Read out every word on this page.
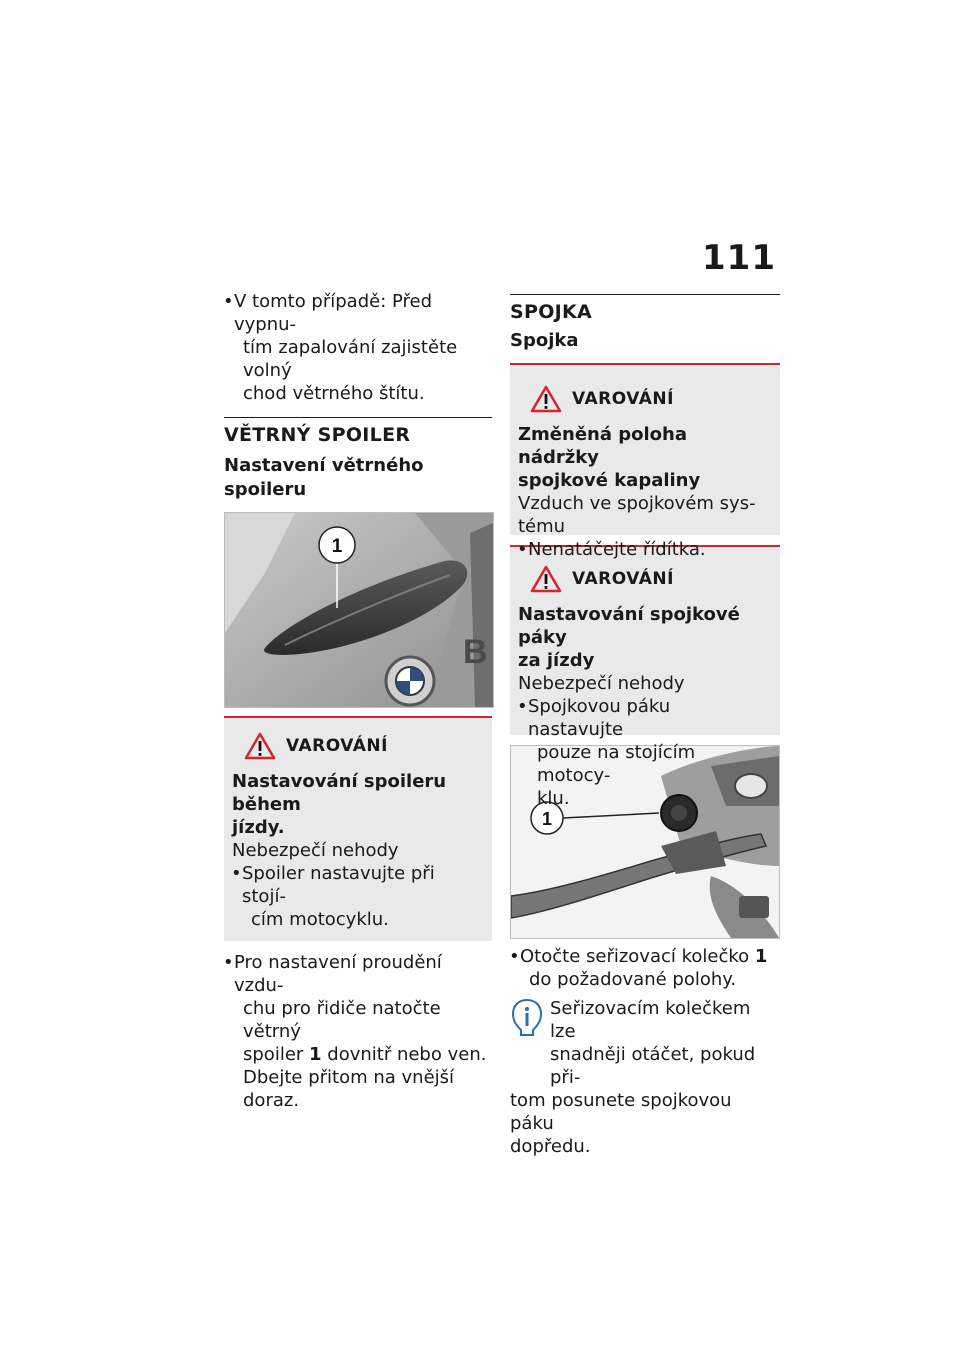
111
• V tomto případě: Před vypnu-
tím zapalování zajistěte volný
chod větrného štítu.
VĚTRNÝ SPOILER
Nastavení větrného spoileru
B
1
VAROVÁNÍ
Nastavování spoileru během
jízdy.

Nebezpečí nehody

• Spoiler nastavujte při stojí-
cím motocyklu.
• Pro nastavení proudění vzdu-
chu pro řidiče natočte větrný
spoiler 1 dovnitř nebo ven.
Dbejte přitom na vnější doraz.
SPOJKA
Spojka
VAROVÁNÍ
Změněná poloha nádržky
spojkové kapaliny

Vzduch ve spojkovém sys-

tému

• Nenatáčejte řídítka.
VAROVÁNÍ
Nastavování spojkové páky
za jízdy

Nebezpečí nehody

• Spojkovou páku nastavujte
pouze na stojícím motocy-
klu.
1
• Otočte seřizovací kolečko 1
do požadované polohy.
Seřizovacím kolečkem lze
snadněji otáčet, pokud při-
tom posunete spojkovou páku
dopředu.
